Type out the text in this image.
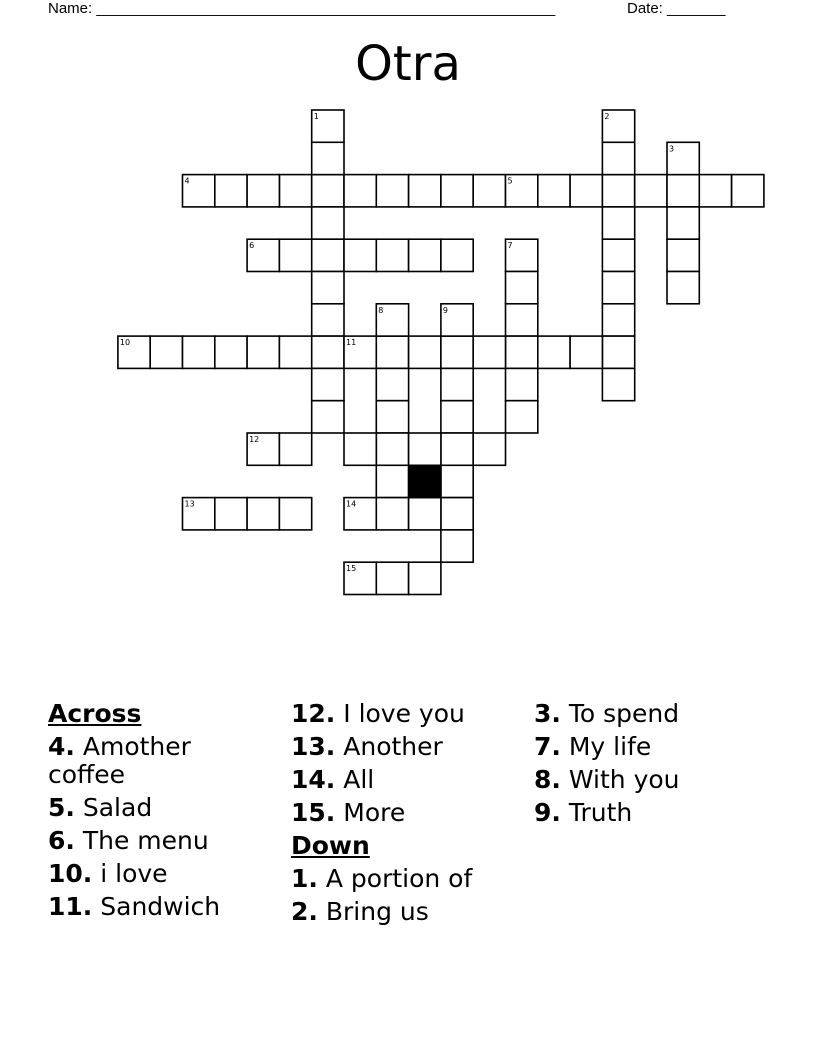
Name: _______________________________________________________	Date: _______
Otra
1	2
3
4	5
6	7
8	9
10	11
12
13	14
15

Across

4. Amother coffee

5. Salad

6. The menu

10. i love

11. Sandwich

12. I love you

13. Another

14. All

15. More

Down

1. A portion of

2. Bring us

3. To spend

7. My life

8. With you

9. Truth
